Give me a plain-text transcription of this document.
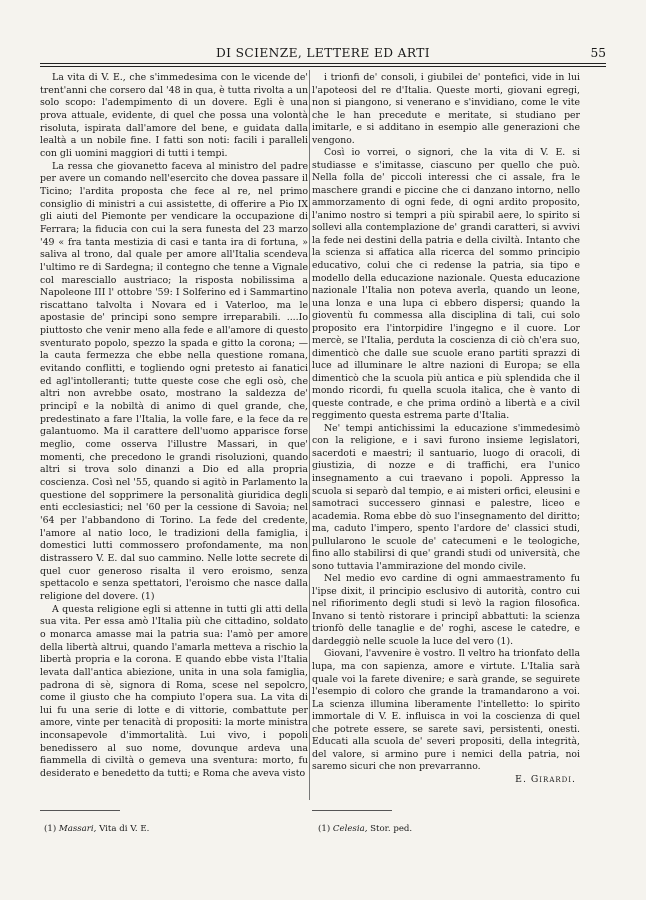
DI SCIENZE, LETTERE ED ARTI	55

La vita di V. E., che s'immedesima con le vicende de' trent'anni che corsero dal '48 in qua, è tutta rivolta a un solo scopo: l'adempimento di un dovere. Egli è una prova attuale, evidente, di quel che possa una volontà risoluta, ispirata dall'amore del bene, e guidata dalla lealtà a un nobile fine. I fatti son noti: facili i paralleli con gli uomini maggiori di tutti i tempi.

La ressa che giovanetto faceva al ministro del padre per avere un comando nell'esercito che dovea passare il Ticino; l'ardita proposta che fece al re, nel primo consiglio di ministri a cui assistette, di offerire a Pio IX gli aiuti del Piemonte per vendicare la occupazione di Ferrara; la fiducia con cui la sera funesta del 23 marzo '49 « fra tanta mestizia di casi e tanta ira di fortuna, » saliva al trono, dal quale per amore all'Italia scendeva l'ultimo re di Sardegna; il contegno che tenne a Vignale col maresciallo austriaco; la risposta nobilissima a Napoleone III l' ottobre '59: I Solferino ed i Sammartino riscattano talvolta i Novara ed i Vaterloo, ma le apostasie de' principi sono sempre irreparabili. ....Io piuttosto che venir meno alla fede e all'amore di questo sventurato popolo, spezzo la spada e gitto la corona; — la cauta fermezza che ebbe nella questione romana, evitando conflitti, e togliendo ogni pretesto ai fanatici ed agl'intolleranti; tutte queste cose che egli osò, che altri non avrebbe osato, mostrano la saldezza de' principî e la nobiltà di animo di quel grande, che, predestinato a fare l'Italia, la volle fare, e la fece da re galantuomo. Ma il carattere dell'uomo apparisce forse meglio, come osserva l'illustre Massari, in que' momenti, che precedono le grandi risoluzioni, quando altri si trova solo dinanzi a Dio ed alla propria coscienza. Così nel '55, quando si agitò in Parlamento la questione del sopprimere la personalità giuridica degli enti ecclesiastici; nel '60 per la cessione di Savoia; nel '64 per l'abbandono di Torino. La fede del credente, l'amore al natio loco, le tradizioni della famiglia, i domestici lutti commossero profondamente, ma non distrassero V. E. dal suo cammino. Nelle lotte secrete di quel cuor generoso risalta il vero eroismo, senza spettacolo e senza spettatori, l'eroismo che nasce dalla religione del dovere. (1)

A questa religione egli si attenne in tutti gli atti della sua vita. Per essa amò l'Italia più che cittadino, soldato o monarca amasse mai la patria sua: l'amò per amore della libertà altrui, quando l'amarla metteva a rischio la libertà propria e la corona. E quando ebbe vista l'Italia levata dall'antica abiezione, unita in una sola famiglia, padrona di sè, signora di Roma, scese nel sepolcro, come il giusto che ha compiuto l'opera sua. La vita di lui fu una serie di lotte e di vittorie, combattute per amore, vinte per tenacità di propositi: la morte ministra inconsapevole d'immortalità. Lui vivo, i popoli benedissero al suo nome, dovunque ardeva una fiammella di civiltà o gemeva una sventura: morto, fu desiderato e benedetto da tutti; e Roma che aveva visto

i trionfi de' consoli, i giubilei de' pontefici, vide in lui l'apoteosi del re d'Italia. Queste morti, giovani egregi, non si piangono, si venerano e s'invidiano, come le vite che le han precedute e meritate, si studiano per imitarle, e si additano in esempio alle generazioni che vengono.

Così io vorrei, o signori, che la vita di V. E. si studiasse e s'imitasse, ciascuno per quello che può. Nella folla de' piccoli interessi che ci assale, fra le maschere grandi e piccine che ci danzano intorno, nello ammorzamento di ogni fede, di ogni ardito proposito, l'animo nostro si tempri a più spirabil aere, lo spirito si sollevi alla contemplazione de' grandi caratteri, si avvivi la fede nei destini della patria e della civiltà. Intanto che la scienza si affatica alla ricerca del sommo principio educativo, colui che ci redense la patria, sia tipo e modello della educazione nazionale. Questa educazione nazionale l'Italia non poteva averla, quando un leone, una lonza e una lupa ci ebbero dispersi; quando la gioventù fu commessa alla disciplina di tali, cui solo proposito era l'intorpidire l'ingegno e il cuore. Lor mercè, se l'Italia, perduta la coscienza di ciò ch'era suo, dimenticò che dalle sue scuole erano partiti sprazzi di luce ad illuminare le altre nazioni di Europa; se ella dimenticò che la scuola più antica e più splendida che il mondo ricordi, fu quella scuola italica, che è vanto di queste contrade, e che prima ordinò a libertà e a civil reggimento questa estrema parte d'Italia.

Ne' tempi antichissimi la educazione s'immedesimò con la religione, e i savi furono insieme legislatori, sacerdoti e maestri; il santuario, luogo di oracoli, di giustizia, di nozze e di traffichi, era l'unico insegnamento a cui traevano i popoli. Appresso la scuola si separò dal tempio, e ai misteri orfici, eleusini e samotraci successero ginnasi e palestre, liceo e academia. Roma ebbe dò suo l'insegnamento del diritto; ma, caduto l'impero, spento l'ardore de' classici studi, pullularono le scuole de' catecumeni e le teologiche, fino allo stabilirsi di que' grandi studi od università, che sono tuttavia l'ammirazione del mondo civile.

Nel medio evo cardine di ogni ammaestramento fu l'ipse dixit, il principio esclusivo di autorità, contro cui nel rifiorimento degli studi si levò la ragion filosofica. Invano si tentò ristorare i principî abbattuti: la scienza trionfò delle tanaglie e de' roghi, ascese le catedre, e dardeggiò nelle scuole la luce del vero (1).

Giovani, l'avvenire è vostro. Il veltro ha trionfato della lupa, ma con sapienza, amore e virtute. L'Italia sarà quale voi la farete divenire; e sarà grande, se seguirete l'esempio di coloro che grande la tramandarono a voi. La scienza illumina liberamente l'intelletto: lo spirito immortale di V. E. influisca in voi la coscienza di quel che potrete essere, se sarete savi, persistenti, onesti. Educati alla scuola de' severi propositi, della integrità, del valore, si armino pure i nemici della patria, noi saremo sicuri che non prevarranno.

E. Girardi.

(1) Massari, Vita di V. E.	(1) Celesia, Stor. ped.
